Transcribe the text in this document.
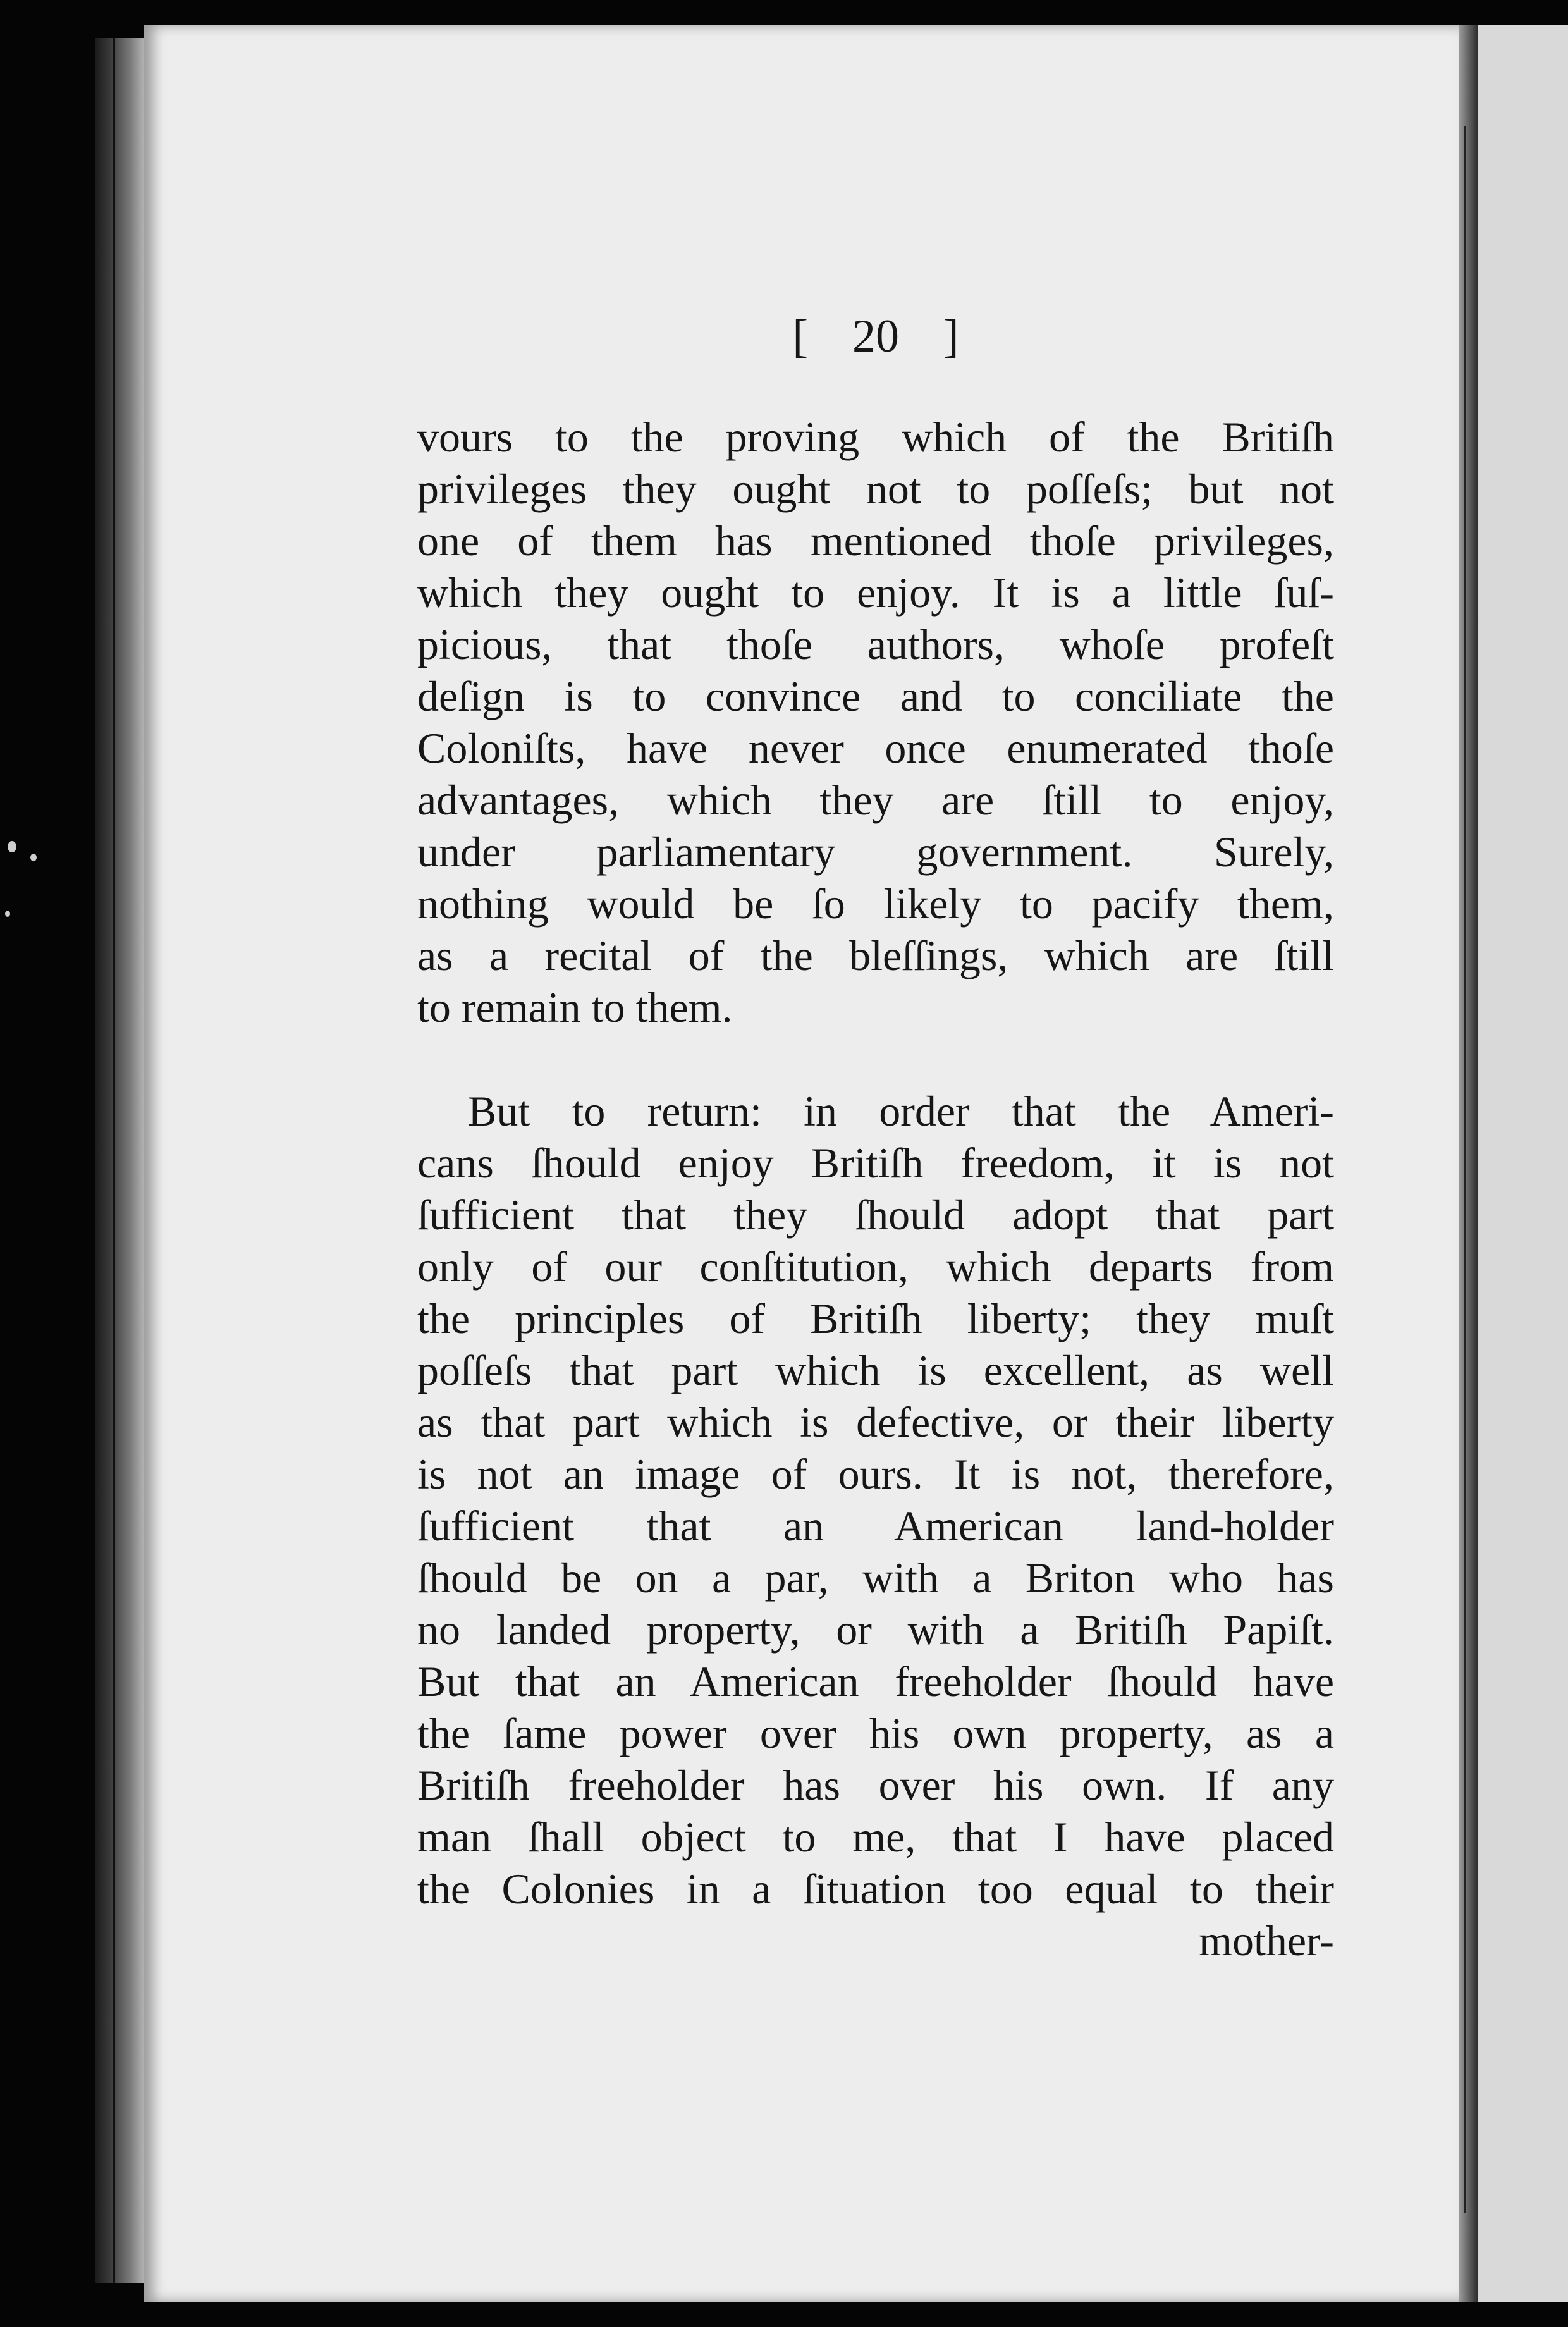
[ 20 ]
vours to the proving which of the Britiſh
privileges they ought not to poſſeſs; but not
one of them has mentioned thoſe privileges,
which they ought to enjoy. It is a little ſuſ-
picious, that thoſe authors, whoſe profeſt
deſign is to convince and to conciliate the
Coloniſts, have never once enumerated thoſe
advantages, which they are ſtill to enjoy,
under parliamentary government. Surely,
nothing would be ſo likely to pacify them,
as a recital of the bleſſings, which are ſtill
to remain to them.
But to return: in order that the Ameri-
cans ſhould enjoy Britiſh freedom, it is not
ſufficient that they ſhould adopt that part
only of our conſtitution, which departs from
the principles of Britiſh liberty; they muſt
poſſeſs that part which is excellent, as well
as that part which is defective, or their liberty
is not an image of ours. It is not, therefore,
ſufficient that an American land-holder
ſhould be on a par, with a Briton who has
no landed property, or with a Britiſh Papiſt.
But that an American freeholder ſhould have
the ſame power over his own property, as a
Britiſh freeholder has over his own. If any
man ſhall object to me, that I have placed
the Colonies in a ſituation too equal to their
mother-
